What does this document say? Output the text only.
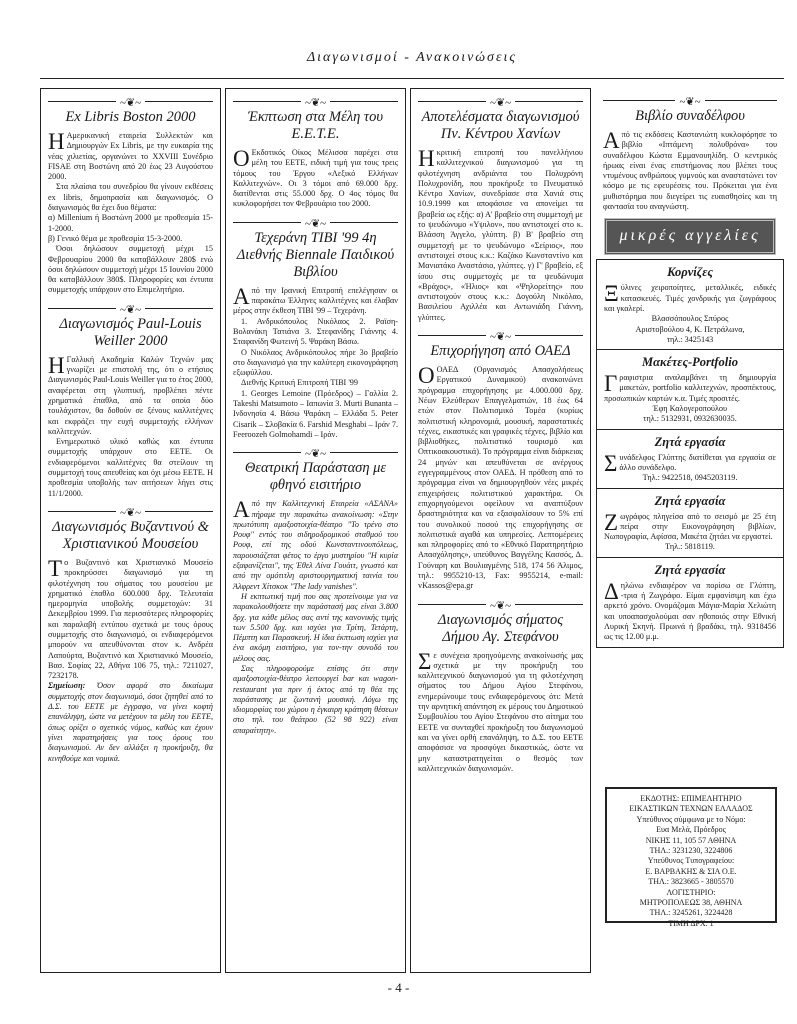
Διαγωνισμοί - Ανακοινώσεις
~❦~
Ex Libris Boston 2000

Η Αμερικανική εταιρεία Συλλεκτών και Δημιουργών Ex Libris, με την ευκαιρία της νέας χιλιετίας, οργανώνει το XXVIII Συνέδριο FISAE στη Βοστώνη από 20 έως 23 Αυγούστου 2000.

Στα πλαίσια του συνεδρίου θα γίνουν εκθέσεις ex libris, δημοπρασία και διαγωνισμός. Ο διαγωνισμός θα έχει δυο θέματα:

α) Millenium ή Βοστώνη 2000 με προθεσμία 15-1-2000.

β) Γενικό θέμα με προθεσμία 15-3-2000.

Όσοι δηλώσουν συμμετοχή μέχρι 15 Φεβρουαρίου 2000 θα καταβάλλουν 280$ ενώ όσοι δηλώσουν συμμετοχή μέχρι 15 Ιουνίου 2000 θα καταβάλλουν 380$. Πληροφορίες και έντυπα συμμετοχής υπάρχουν στο Επιμελητήριο.

~❦~
Διαγωνισμός Paul-Louis Weiller 2000

Η Γαλλική Ακαδημία Καλών Τεχνών μας γνωρίζει με επιστολή της, ότι ο ετήσιος Διαγωνισμός Paul-Louis Weiller για το έτος 2000, αναφέρεται στη γλυπτική, προβλέπει πέντε χρηματικά έπαθλα, από τα οποία δύο τουλάχιστον, θα δοθούν σε ξένους καλλιτέχνες και εκφράζει την ευχή συμμετοχής ελλήνων καλλιτεχνών.

Ενημερωτικό υλικό καθώς και έντυπα συμμετοχής υπάρχουν στο ΕΕΤΕ. Οι ενδιαφερόμενοι καλλιτέχνες θα στείλουν τη συμμετοχή τους απευθείας και όχι μέσω ΕΕΤΕ. Η προθεσμία υποβολής των αιτήσεων λήγει στις 11/1/2000.

~❦~
Διαγωνισμός Βυζαντινού & Χριστιανικού Μουσείου

Το Βυζαντινό και Χριστιανικό Μουσείο προκηρύσσει διαγωνισμό για τη φιλοτέχνηση του σήματος του μουσείου με χρηματικό έπαθλο 600.000 δρχ. Τελευταία ημερομηνία υποβολής συμμετοχών: 31 Δεκεμβρίου 1999. Για περισσότερες πληροφορίες και παραλαβή εντύπου σχετικά με τους όρους συμμετοχής στο διαγωνισμό, οι ενδιαφερόμενοι μπορούν να απευθύνονται στον κ. Ανδρέα Λαπούρτα, Βυζαντινό και Χριστιανικό Μουσείο, Βασ. Σοφίας 22, Αθήνα 106 75, τηλ.: 7211027, 7232178.

Σημείωση: Όσον αφορά στο δικαίωμα συμμετοχής στον διαγωνισμό, όσοι ζητηθεί από το Δ.Σ. του ΕΕΤΕ με έγγραφο, να γίνει κοφτή επανάληψη, ώστε να μετέχουν τα μέλη του ΕΕΤΕ, όπως ορίζει ο σχετικός νόμος, καθώς και έχουν γίνει παρατηρήσεις για τους όρους του διαγωνισμού. Αν δεν αλλάξει η προκήρυξη, θα κινηθούμε και νομικά.

~❦~
Έκπτωση στα Μέλη του Ε.Ε.Τ.Ε.

Ο Εκδοτικός Οίκος Μέλισσα παρέχει στα μέλη του ΕΕΤΕ, ειδική τιμή για τους τρεις τόμους του Έργου «Λεξικό Ελλήνων Καλλιτεχνών». Οι 3 τόμοι από 69.000 δρχ. διατίθενται στις 55.000 δρχ. Ο 4ος τόμος θα κυκλοφορήσει τον Φεβρουάριο του 2000.

~❦~
Τεχεράνη ΤΙΒΙ '99 4η Διεθνής Biennale Παιδικού Βιβλίου

Από την Ιρανική Επιτροπή επελέγησαν οι παρακάτω Έλληνες καλλιτέχνες και έλαβαν μέρος στην έκθεση ΤΙΒΙ '99 – Τεχεράνη.

1. Ανδρικόπουλος Νικόλαος 2. Ραϊση-Βολανάκη Τατιάνα 3. Στεφανίδης Γιάννης 4. Σταφανίδη Φωτεινή 5. Ψαράκη Βάσω.

Ο Νικόλαος Ανδρικόπουλος πήρε 3ο βραβείο στο διαγωνισμό για την καλύτερη εικονογράφηση εξωφύλλου.

Διεθνής Κριτική Επιτροπή ΤΙΒΙ '99

1. Georges Lemoine (Πρόεδρος) – Γαλλία 2. Takeshi Matsumoto – Ιαπωνία 3. Murti Bunanta – Ινδονησία 4. Βάσω Ψαράκη – Ελλάδα 5. Peter Cisarik – Σλοβακία 6. Farshid Mesghabi – Ιράν 7. Feeroozeh Golmohamdi – Ιράν.

~❦~
Θεατρική Παράσταση με φθηνό εισιτήριο

Από την Καλλιτεχνική Εταιρεία «ΑΣΑΝΑ» πήραμε την παρακάτω ανακοίνωση: «Στην πρωτότυπη αμαξοστοιχία-θέατρο "Το τρένο στο Ρουφ" εντός του σιδηροδρομικού σταθμού του Ρουφ, επί της οδού Κωνσταντινουπόλεως, παρουσιάζεται φέτος το έργο μυστηρίου "Η κυρία εξαφανίζεται", της Έθελ Λίνα Γουάιτ, γνωστό και από την ομότιτλη αριστουργηματική ταινία του Άλφρεντ Χίτσκοκ "The lady vanishes".

Η εκπτωτική τιμή που σας προτείνουμε για να παρακολουθήσετε την παράστασή μας είναι 3.800 δρχ. για κάθε μέλος σας αντί της κανονικής τιμής των 5.500 δρχ. και ισχύει για Τρίτη, Τετάρτη, Πέμπτη και Παρασκευή. Η ίδια έκπτωση ισχύει για ένα ακόμη εισιτήριο, για τον-την συνοδό του μέλους σας.

Σας πληροφορούμε επίσης ότι στην αμαξοστοιχία-θέατρο λειτουργεί bar και wagon-restaurant για πριν ή έκτος από τη θέα της παράστασης με ζωντανή μουσική. Λόγω της ιδιομορφίας του χώρου η έγκαιρη κράτηση θέσεων στο τηλ. του θεάτρου (52 98 922) είναι απαραίτητη».

~❦~
Αποτελέσματα διαγωνισμού Πν. Κέντρου Χανίων

Ηκριτική επιτροπή του πανελλήνιου καλλιτεχνικού διαγωνισμού για τη φιλοτέχνηση ανδριάντα του Πολυχρόνη Πολυχρονίδη, που προκήρυξε το Πνευματικό Κέντρο Χανίων, συνεδρίασε στα Χανιά στις 10.9.1999 και αποφάσισε να απονείμει τα βραβεία ως εξής: α) Α' βραβείο στη συμμετοχή με το ψευδώνυμο «Υψιλον», που αντιστοιχεί στο κ. Βλάσση Άγγελο, γλύπτη. β) Β' βραβείο στη συμμετοχή με το ψευδώνυμο «Σείριος», που αντιστοιχεί στους κ.κ.: Καζάκο Κωνσταντίνο και Μανιατάκο Αναστάσιο, γλύπτες. γ) Γ' βραβείο, εξ ίσου στις συμμετοχές με τα ψευδώνυμα «Βράχος», «Ήλιος» και «Ψηλορείτης» που αντιστοιχούν στους κ.κ.: Δογούλη Νικόλαο, Βασιλείου Αχιλλέα και Αντωνιάδη Γιάννη, γλύπτες.

~❦~
Επιχορήγηση από ΟΑΕΔ

ΟΟΑΕΔ (Οργανισμός Απασχολήσεως Εργατικού Δυναμικού) ανακοινώνει πρόγραμμα επιχορήγησης με 4.000.000 δρχ. Νέων Ελεύθερων Επαγγελματιών, 18 έως 64 ετών στον Πολιτισμικό Τομέα (κυρίως πολιτιστική κληρονομιά, μουσική, παραστατικές τέχνες, εικαστικές και γραφικές τέχνες, βιβλίο και βιβλιοθήκες, πολιτιστικό τουρισμό και Οπτικοακουστικά). Το πρόγραμμα είναι διάρκειας 24 μηνών και απευθύνεται σε ανέργους εγγεγραμμένους στον ΟΑΕΔ. Η πρόθεση από το πρόγραμμα είναι να δημιουργηθούν νέες μικρές επιχειρήσεις πολιτιστικού χαρακτήρα. Οι επιχορηγούμενοι οφείλουν να αναπτύξουν δραστηριότητα και να εξασφαλίσουν το 5% επί του συνολικού ποσού της επιχορήγησης σε πολιτιστικά αγαθά και υπηρεσίες. Λεπτομέρειες και πληροφορίες από το «Εθνικό Παρατηρητήριο Απασχόλησης», υπεύθυνος Βαγγέλης Κασσός, Δ. Γούναρη και Βουλιαγμένης 518, 174 56 Άλιμος, τηλ.: 9955210-13, Fax: 9955214, e-mail: vKassos@epa.gr

~❦~
Διαγωνισμός σήματος Δήμου Αγ. Στεφάνου

Σε συνέχεια προηγούμενης ανακοίνωσής μας σχετικά με την προκήρυξη του καλλιτεχνικού διαγωνισμού για τη φιλοτέχνηση σήματος του Δήμου Αγίου Στεφάνου, ενημερώνουμε τους ενδιαφερόμενους ότι: Μετά την αρνητική απάντηση εκ μέρους του Δημοτικού Συμβουλίου του Αγίου Στεφάνου στο αίτημα του ΕΕΤΕ να συνταχθεί προκήρυξη του διαγωνισμού και να γίνει ορθή επανάληψη, το Δ.Σ. του ΕΕΤΕ αποφάσισε να προσφύγει δικαστικώς, ώστε να μην καταστρατηγείται ο θεσμός των καλλιτεχνικών διαγωνισμών.

~❦~
Βιβλίο συναδέλφου

Από τις εκδόσεις Καστανιώτη κυκλοφόρησε το βιβλίο «Ιπτάμενη πολυθρόνα» του συναδέλφου Κώστα Εμμανουηλίδη. Ο κεντρικός ήρωας είναι ένας επιστήμονας που βλέπει τους ντυμένους ανθρώπους γυμνούς και αναστατώνει τον κόσμο με τις εφευρέσεις του. Πρόκειται για ένα μυθιστόρημα που διεγείρει τις ευαισθησίες και τη φαντασία του αναγνώστη.

μικρές αγγελίες
Κορνίζες

Ξύλινες χειροποίητες, μεταλλικές, ειδικές κατασκευές. Τιμές χονδρικής για ζωγράφους και γκαλερί.

Βλασσόπουλος Σπύρος

Αριστοβούλου 4, Κ. Πετράλωνα,

τηλ.: 3425143

Μακέτες-Portfolio

Γραφιστρια αναλαμβάνει τη δημιουργία μακετών, portfolio καλλιτεχνών, προσπέκτους, προσωπικών καρτών κ.α. Τιμές προσιτές.

Έφη Καλογεροπούλου

τηλ.: 5132931, 0932630035.

Ζητά εργασία

Συνάδελφος Γλύπτης διατίθεται για εργασία σε άλλο συνάδελφο.

Τηλ.: 9422518, 0945203119.

Ζητά εργασία

Ζωγράφος πληγείσα από το σεισμό με 25 έτη πείρα στην Εικονογράφηση βιβλίων, Νωπογραφία, Αφίσσα, Μακέτα ζητάει να εργαστεί.

Τηλ.: 5818119.

Ζητά εργασία

Δηλώνω ενδιαφέρον να πορίσω σε Γλύπτη, -τρια ή Ζωγράφο. Είμαι εμφανίσιμη και έχω αρκετό χρόνο. Ονομάζομαι Μάγια-Μαρία Χελιώτη και υποαπασχολούμαι σαν ηθοποιός στην Εθνική Λυρική Σκηνή. Πρωινά ή βραδάκι, τηλ. 9318456 ως τις 12.00 μ.μ.

ΕΚΔΟΤΗΣ: ΕΠΙΜΕΛΗΤΗΡΙΟ

ΕΙΚΑΣΤΙΚΩΝ ΤΕΧΝΩΝ ΕΛΛΑΔΟΣ

Υπεύθυνος σύμφωνα με το Νόμο:

Ευα Μελά, Πρόεδρος

ΝΙΚΗΣ 11, 105 57 ΑΘΗΝΑ

ΤΗΛ.: 3231230, 3224806

Υπεύθυνος Τυπογραφείου:

Ε. ΒΑΡΒΑΚΗΣ & ΣΙΑ Ο.Ε.

ΤΗΛ.: 3823665 - 3805570

ΛΟΓΙΣΤΗΡΙΟ:

ΜΗΤΡΟΠΟΛΕΩΣ 38, ΑΘΗΝΑ

ΤΗΛ.: 3245261, 3224428

ΤΙΜΗ ΔΡΧ. 1

- 4 -
